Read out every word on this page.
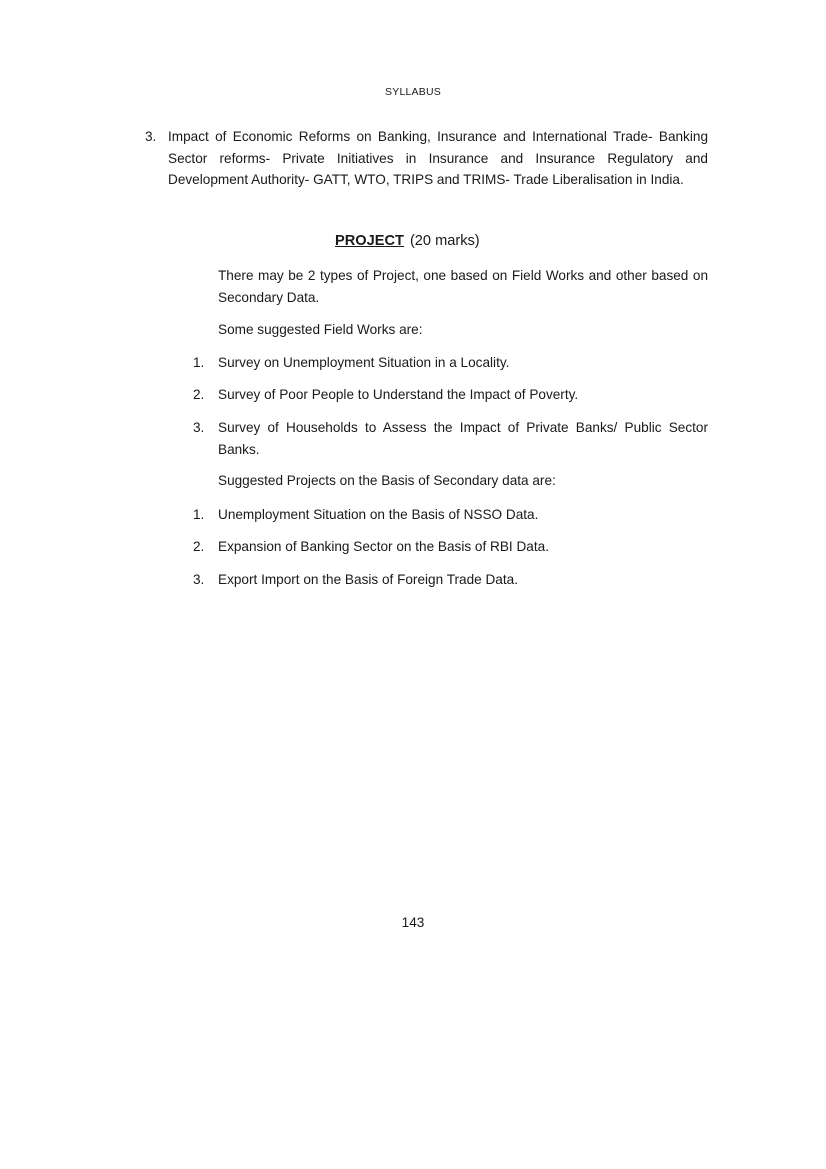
SYLLABUS
3. Impact of Economic Reforms on Banking, Insurance and International Trade- Banking Sector reforms- Private Initiatives in Insurance and Insurance Regulatory and Development Authority- GATT, WTO, TRIPS and TRIMS- Trade Liberalisation in India.
PROJECT (20 marks)
There may be 2 types of Project, one based on Field Works and other based on Secondary Data.
Some suggested Field Works are:
1. Survey on Unemployment Situation in a Locality.
2. Survey of Poor People to Understand the Impact of Poverty.
3. Survey of Households to Assess the Impact of Private Banks/ Public Sector Banks.
Suggested Projects on the Basis of Secondary data are:
1. Unemployment Situation on the Basis of NSSO Data.
2. Expansion of Banking Sector on the Basis of RBI Data.
3. Export Import on the Basis of Foreign Trade Data.
143
